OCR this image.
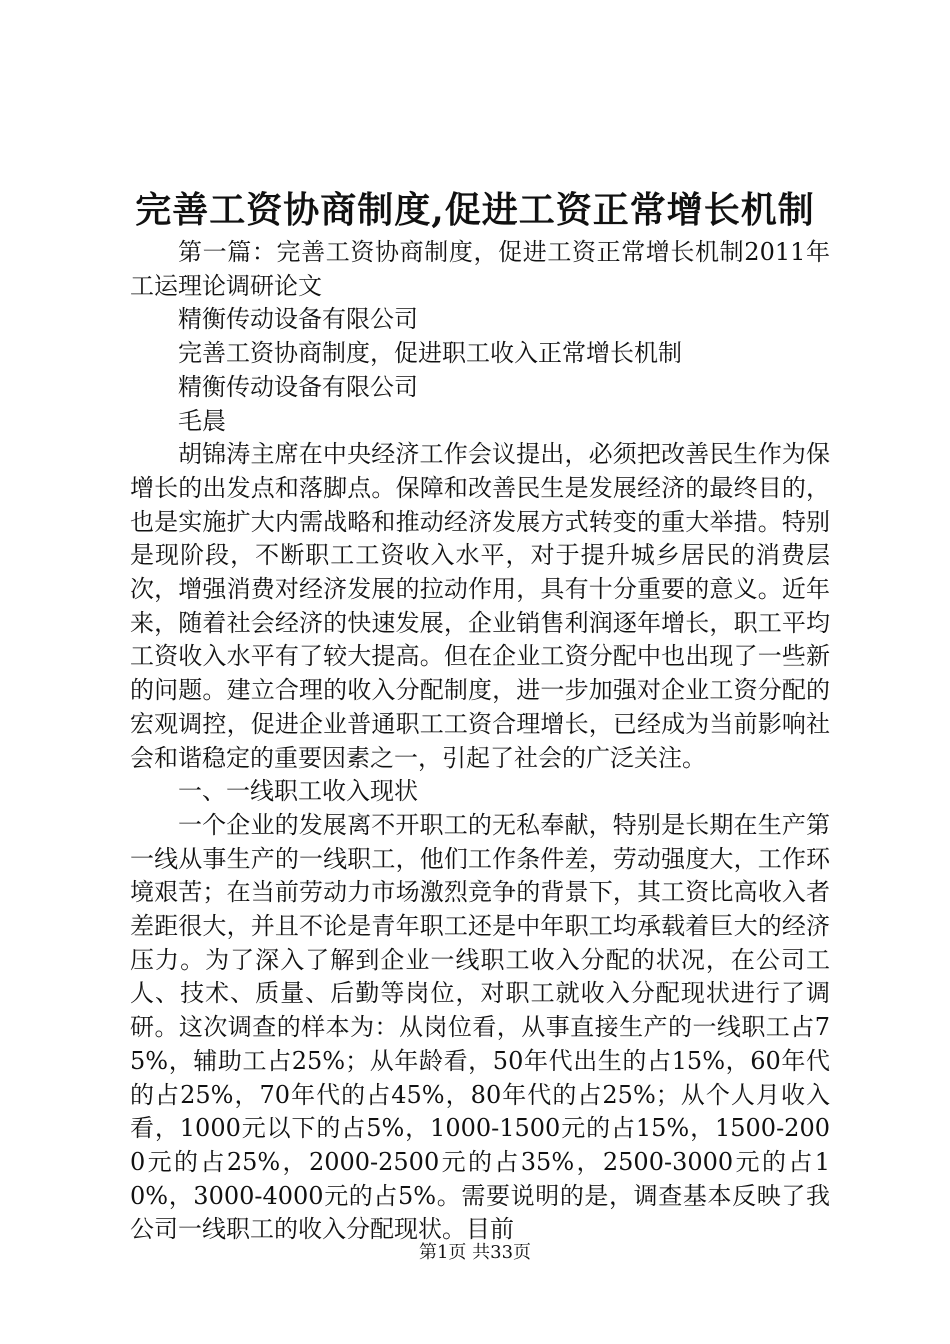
完善工资协商制度,促进工资正常增长机制

第一篇：完善工资协商制度，促进工资正常增长机制2011年工运理论调研论文

精衡传动设备有限公司

完善工资协商制度，促进职工收入正常增长机制

精衡传动设备有限公司

毛晨

胡锦涛主席在中央经济工作会议提出，必须把改善民生作为保增长的出发点和落脚点。保障和改善民生是发展经济的最终目的，也是实施扩大内需战略和推动经济发展方式转变的重大举措。特别是现阶段，不断职工工资收入水平，对于提升城乡居民的消费层次，增强消费对经济发展的拉动作用，具有十分重要的意义。近年来，随着社会经济的快速发展，企业销售利润逐年增长，职工平均工资收入水平有了较大提高。但在企业工资分配中也出现了一些新的问题。建立合理的收入分配制度，进一步加强对企业工资分配的宏观调控，促进企业普通职工工资合理增长，已经成为当前影响社会和谐稳定的重要因素之一，引起了社会的广泛关注。

一、一线职工收入现状

一个企业的发展离不开职工的无私奉献，特别是长期在生产第一线从事生产的一线职工，他们工作条件差，劳动强度大，工作环境艰苦；在当前劳动力市场激烈竞争的背景下，其工资比高收入者差距很大，并且不论是青年职工还是中年职工均承载着巨大的经济压力。为了深入了解到企业一线职工收入分配的状况，在公司工人、技术、质量、后勤等岗位，对职工就收入分配现状进行了调研。这次调查的样本为：从岗位看，从事直接生产的一线职工占75%，辅助工占25%；从年龄看，50年代出生的占15%，60年代的占25%，70年代的占45%，80年代的占25%；从个人月收入看，1000元以下的占5%，1000-1500元的占15%，1500-2000元的占25%，2000-2500元的占35%，2500-3000元的占10%，3000-4000元的占5%。需要说明的是，调查基本反映了我公司一线职工的收入分配现状。目前

第1页 共33页
